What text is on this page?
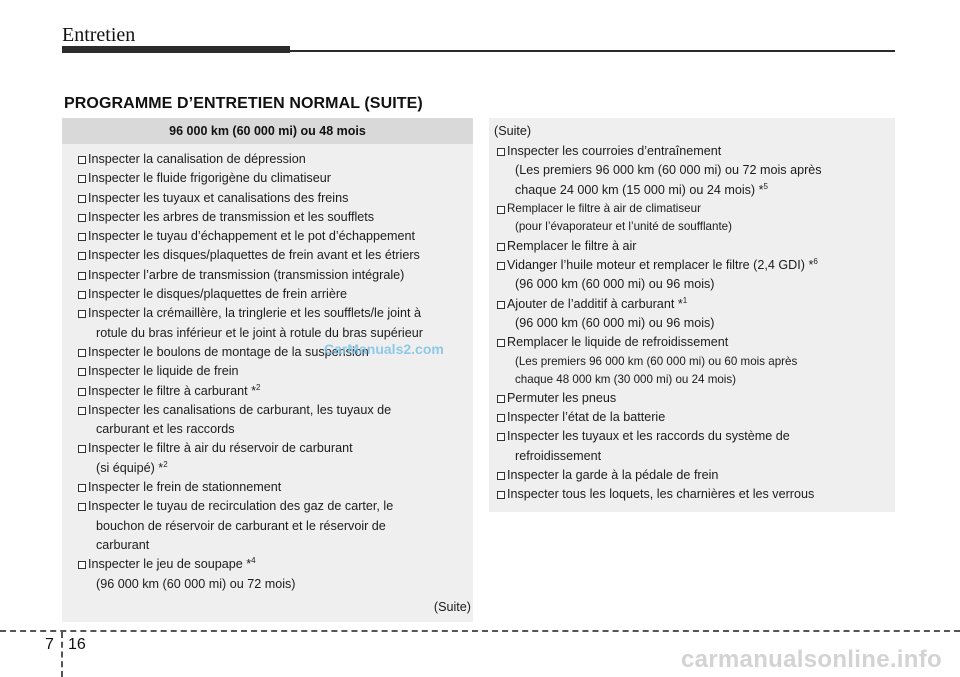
Entretien
PROGRAMME D’ENTRETIEN NORMAL (SUITE)
96 000 km (60 000 mi) ou 48 mois
Inspecter la canalisation de dépression
Inspecter le fluide frigorigène du climatiseur
Inspecter les tuyaux et canalisations des freins
Inspecter les arbres de transmission et les soufflets
Inspecter le tuyau d’échappement et le pot d’échappement
Inspecter les disques/plaquettes de frein avant et les étriers
Inspecter l’arbre de transmission (transmission intégrale)
Inspecter le disques/plaquettes de frein arrière
Inspecter la crémaillère, la tringlerie et les soufflets/le joint à
rotule du bras inférieur et le joint à rotule du bras supérieur
Inspecter le boulons de montage de la suspension
Inspecter le liquide de frein
Inspecter le filtre à carburant *$^2$
Inspecter les canalisations de carburant, les tuyaux de
carburant et les raccords
Inspecter le filtre à air du réservoir de carburant
(si équipé) *$^2$
Inspecter le frein de stationnement
Inspecter le tuyau de recirculation des gaz de carter, le
bouchon de réservoir de carburant et le réservoir de
carburant
Inspecter le jeu de soupape *$^4$
(96 000 km (60 000 mi) ou 72 mois)
(Suite)
(Suite)
Inspecter les courroies d’entraînement
(Les premiers 96 000 km (60 000 mi) ou 72 mois après
chaque 24 000 km (15 000 mi) ou 24 mois) *$^5$
Remplacer le filtre à air de climatiseur
(pour l’évaporateur et l’unité de soufflante)
Remplacer le filtre à air
Vidanger l’huile moteur et remplacer le filtre (2,4 GDI) *$^6$
(96 000 km (60 000 mi) ou 96 mois)
Ajouter de l’additif à carburant *$^1$
(96 000 km (60 000 mi) ou 96 mois)
Remplacer le liquide de refroidissement
(Les premiers 96 000 km (60 000 mi) ou 60 mois après
chaque 48 000 km (30 000 mi) ou 24 mois)
Permuter les pneus
Inspecter l’état de la batterie
Inspecter les tuyaux et les raccords du système de
refroidissement
Inspecter la garde à la pédale de frein
Inspecter tous les loquets, les charnières et les verrous
CarManuals2.com
7 16
carmanualsonline.info
